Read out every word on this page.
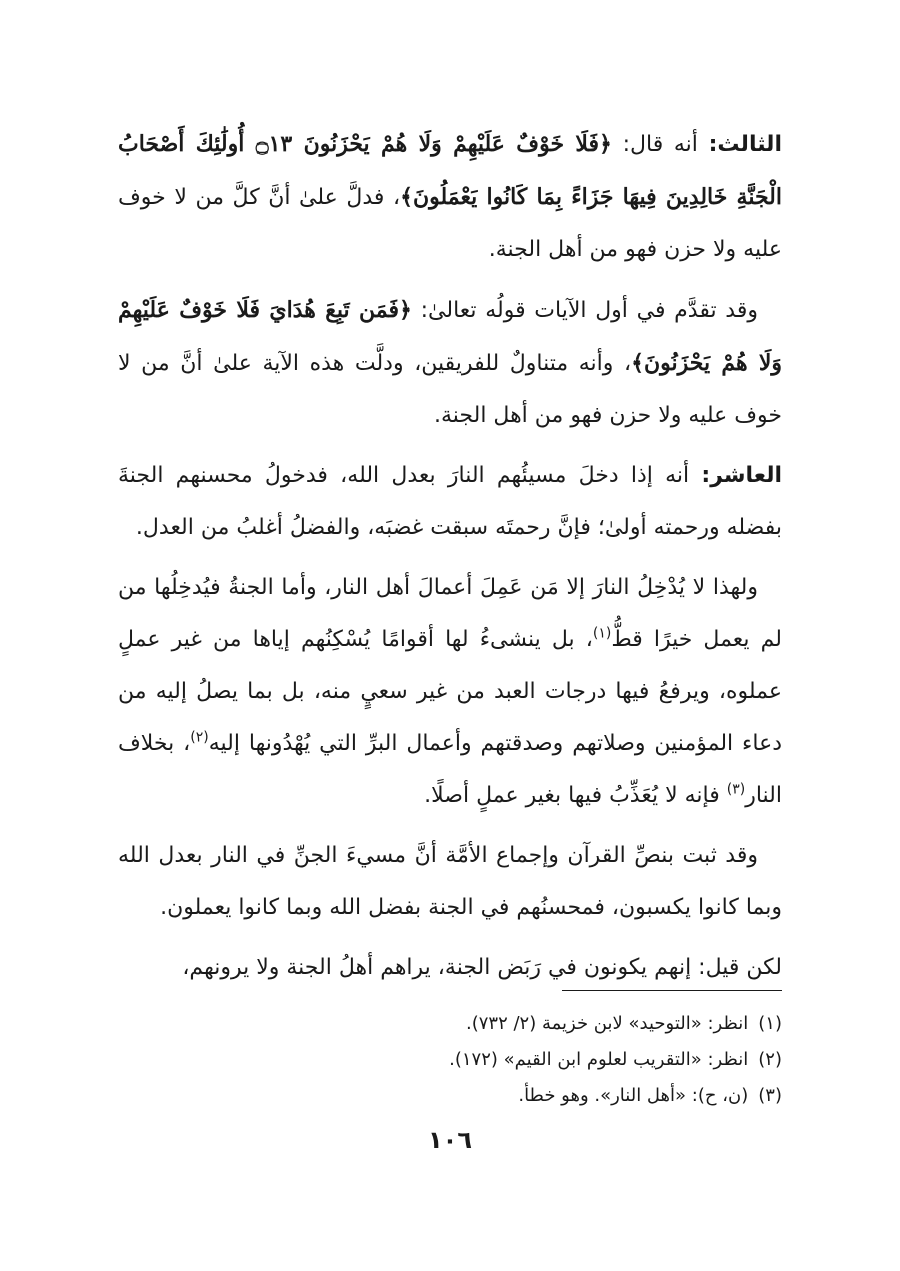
الثالث: أنه قال: ﴿فَلَا خَوْفٌ عَلَيْهِمْ وَلَا هُمْ يَحْزَنُونَ ۝١٣ أُولَٰئِكَ أَصْحَابُ الْجَنَّةِ خَالِدِينَ فِيهَا جَزَاءً بِمَا كَانُوا يَعْمَلُونَ﴾، فدلَّ علىٰ أنَّ كلَّ من لا خوف عليه ولا حزن فهو من أهل الجنة.

وقد تقدَّم في أول الآيات قولُه تعالىٰ: ﴿فَمَن تَبِعَ هُدَايَ فَلَا خَوْفٌ عَلَيْهِمْ وَلَا هُمْ يَحْزَنُونَ﴾، وأنه متناولٌ للفريقين، ودلَّت هذه الآية علىٰ أنَّ من لا خوف عليه ولا حزن فهو من أهل الجنة.

العاشر: أنه إذا دخلَ مسيئُهم النارَ بعدل الله، فدخولُ محسنهم الجنةَ بفضله ورحمته أولىٰ؛ فإنَّ رحمتَه سبقت غضبَه، والفضلُ أغلبُ من العدل.

ولهذا لا يُدْخِلُ النارَ إلا مَن عَمِلَ أعمالَ أهل النار، وأما الجنةُ فيُدخِلُها من لم يعمل خيرًا قطُّ$^{(١)}$، بل ينشىءُ لها أقوامًا يُسْكِنُهم إياها من غير عملٍ عملوه، ويرفعُ فيها درجات العبد من غير سعيٍ منه، بل بما يصلُ إليه من دعاء المؤمنين وصلاتهم وصدقتهم وأعمال البرِّ التي يُهْدُونها إليه$^{(٢)}$، بخلاف النار$^{(٣)}$ فإنه لا يُعَذِّبُ فيها بغير عملٍ أصلًا.

وقد ثبت بنصِّ القرآن وإجماع الأمَّة أنَّ مسيءَ الجنِّ في النار بعدل الله وبما كانوا يكسبون، فمحسنُهم في الجنة بفضل الله وبما كانوا يعملون.

لكن قيل: إنهم يكونون في رَبَض الجنة، يراهم أهلُ الجنة ولا يرونهم،

(١)انظر: «التوحيد» لابن خزيمة (٢/ ٧٣٢).
(٢)انظر: «التقريب لعلوم ابن القيم» (١٧٢).
(٣)(ن، ح): «أهل النار». وهو خطأ.
١٠٦
